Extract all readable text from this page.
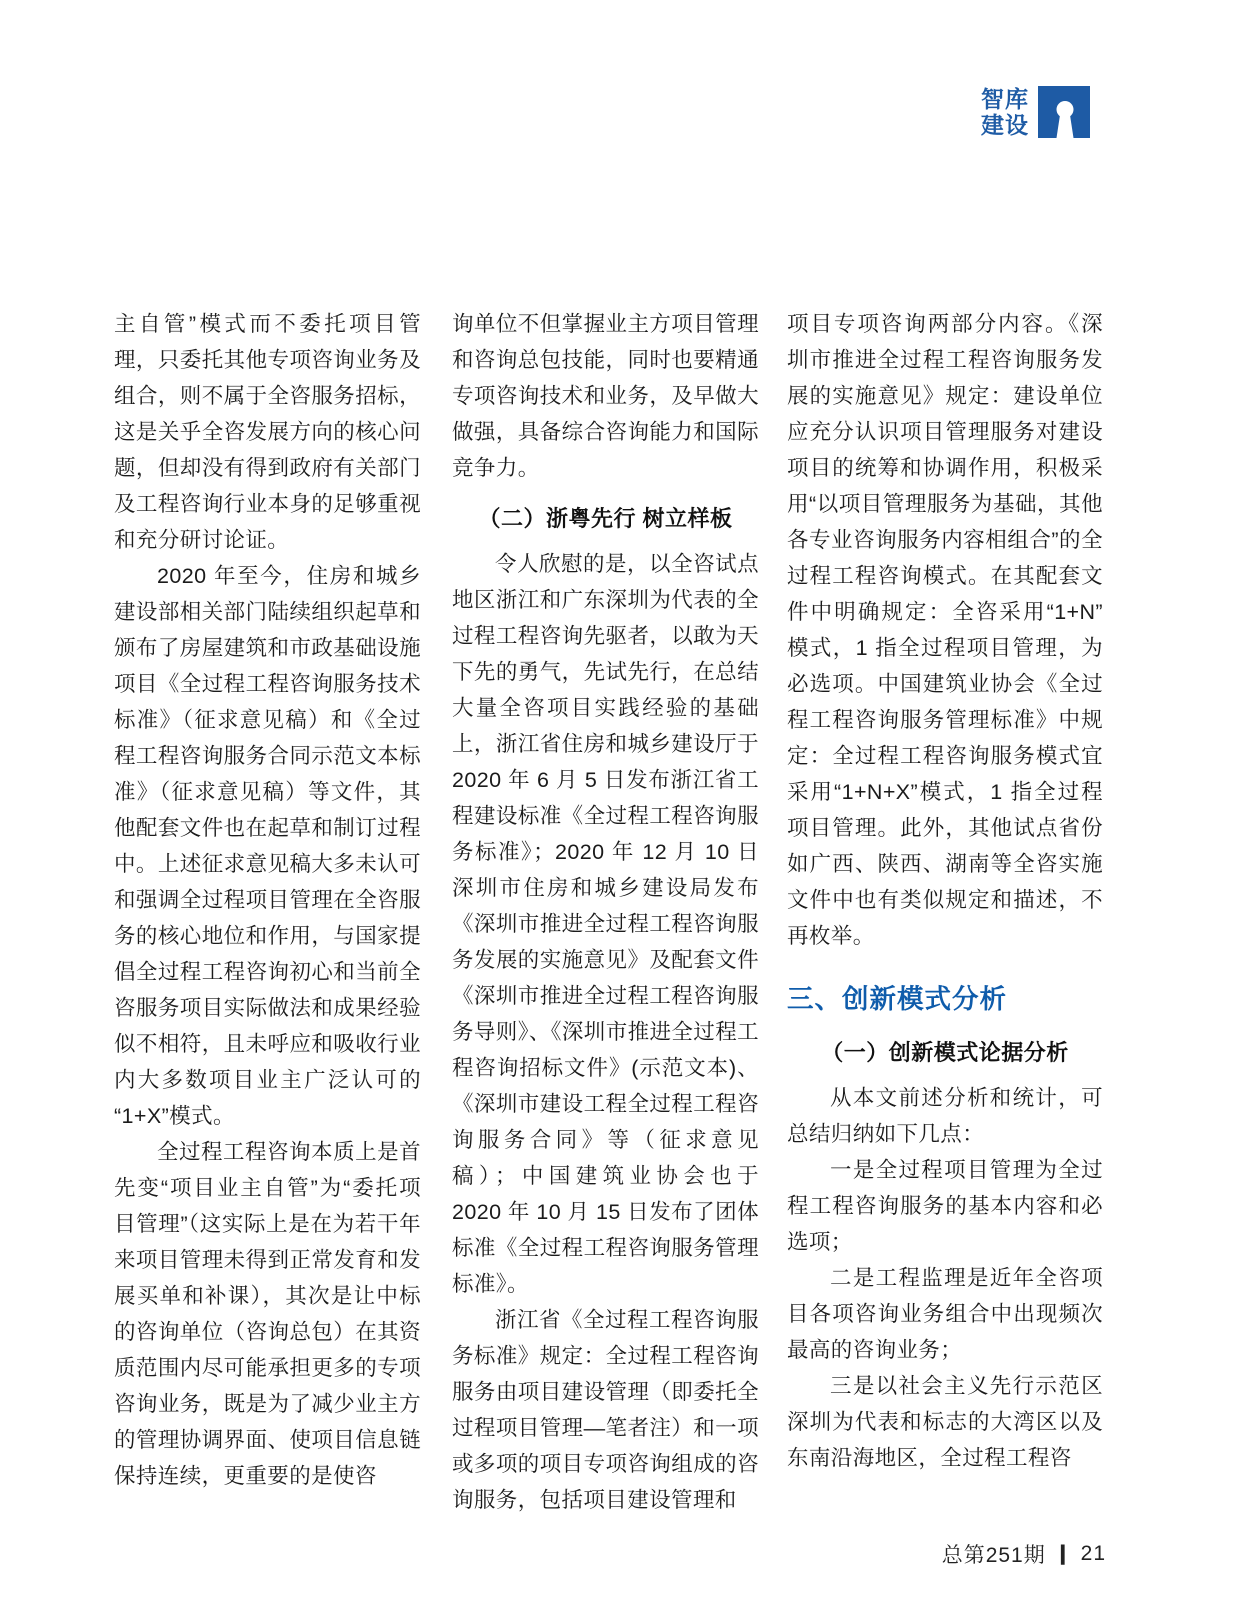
智库
建设

主自管”模式而不委托项目管理，只委托其他专项咨询业务及组合，则不属于全咨服务招标，这是关乎全咨发展方向的核心问题，但却没有得到政府有关部门及工程咨询行业本身的足够重视和充分研讨论证。

2020 年至今，住房和城乡建设部相关部门陆续组织起草和颁布了房屋建筑和市政基础设施项目《全过程工程咨询服务技术标准》（征求意见稿）和《全过程工程咨询服务合同示范文本标准》（征求意见稿）等文件，其他配套文件也在起草和制订过程中。上述征求意见稿大多未认可和强调全过程项目管理在全咨服务的核心地位和作用，与国家提倡全过程工程咨询初心和当前全咨服务项目实际做法和成果经验似不相符，且未呼应和吸收行业内大多数项目业主广泛认可的“1+X”模式。

全过程工程咨询本质上是首先变“项目业主自管”为“委托项目管理”（这实际上是在为若干年来项目管理未得到正常发育和发展买单和补课），其次是让中标的咨询单位（咨询总包）在其资质范围内尽可能承担更多的专项咨询业务，既是为了减少业主方的管理协调界面、使项目信息链保持连续，更重要的是使咨

询单位不但掌握业主方项目管理和咨询总包技能，同时也要精通专项咨询技术和业务，及早做大做强，具备综合咨询能力和国际竞争力。

（二）浙粤先行 树立样板

令人欣慰的是，以全咨试点地区浙江和广东深圳为代表的全过程工程咨询先驱者，以敢为天下先的勇气，先试先行，在总结大量全咨项目实践经验的基础上，浙江省住房和城乡建设厅于 2020 年 6 月 5 日发布浙江省工程建设标准《全过程工程咨询服务标准》；2020 年 12 月 10 日深圳市住房和城乡建设局发布《深圳市推进全过程工程咨询服务发展的实施意见》及配套文件《深圳市推进全过程工程咨询服务导则》、《深圳市推进全过程工程咨询招标文件》(示范文本)、《深圳市建设工程全过程工程咨询服务合同》等（征求意见稿）；中国建筑业协会也于 2020 年 10 月 15 日发布了团体标准《全过程工程咨询服务管理标准》。

浙江省《全过程工程咨询服务标准》规定：全过程工程咨询服务由项目建设管理（即委托全过程项目管理—笔者注）和一项或多项的项目专项咨询组成的咨询服务，包括项目建设管理和

项目专项咨询两部分内容。《深圳市推进全过程工程咨询服务发展的实施意见》规定：建设单位应充分认识项目管理服务对建设项目的统筹和协调作用，积极采用“以项目管理服务为基础，其他各专业咨询服务内容相组合”的全过程工程咨询模式。在其配套文件中明确规定：全咨采用“1+N”模式，1 指全过程项目管理，为必选项。中国建筑业协会《全过程工程咨询服务管理标准》中规定：全过程工程咨询服务模式宜采用“1+N+X”模式，1 指全过程项目管理。此外，其他试点省份如广西、陕西、湖南等全咨实施文件中也有类似规定和描述，不再枚举。

三、创新模式分析
（一）创新模式论据分析

从本文前述分析和统计，可总结归纳如下几点：

一是全过程项目管理为全过程工程咨询服务的基本内容和必选项；

二是工程监理是近年全咨项目各项咨询业务组合中出现频次最高的咨询业务；

三是以社会主义先行示范区深圳为代表和标志的大湾区以及东南沿海地区，全过程工程咨

总第251期 | 21
